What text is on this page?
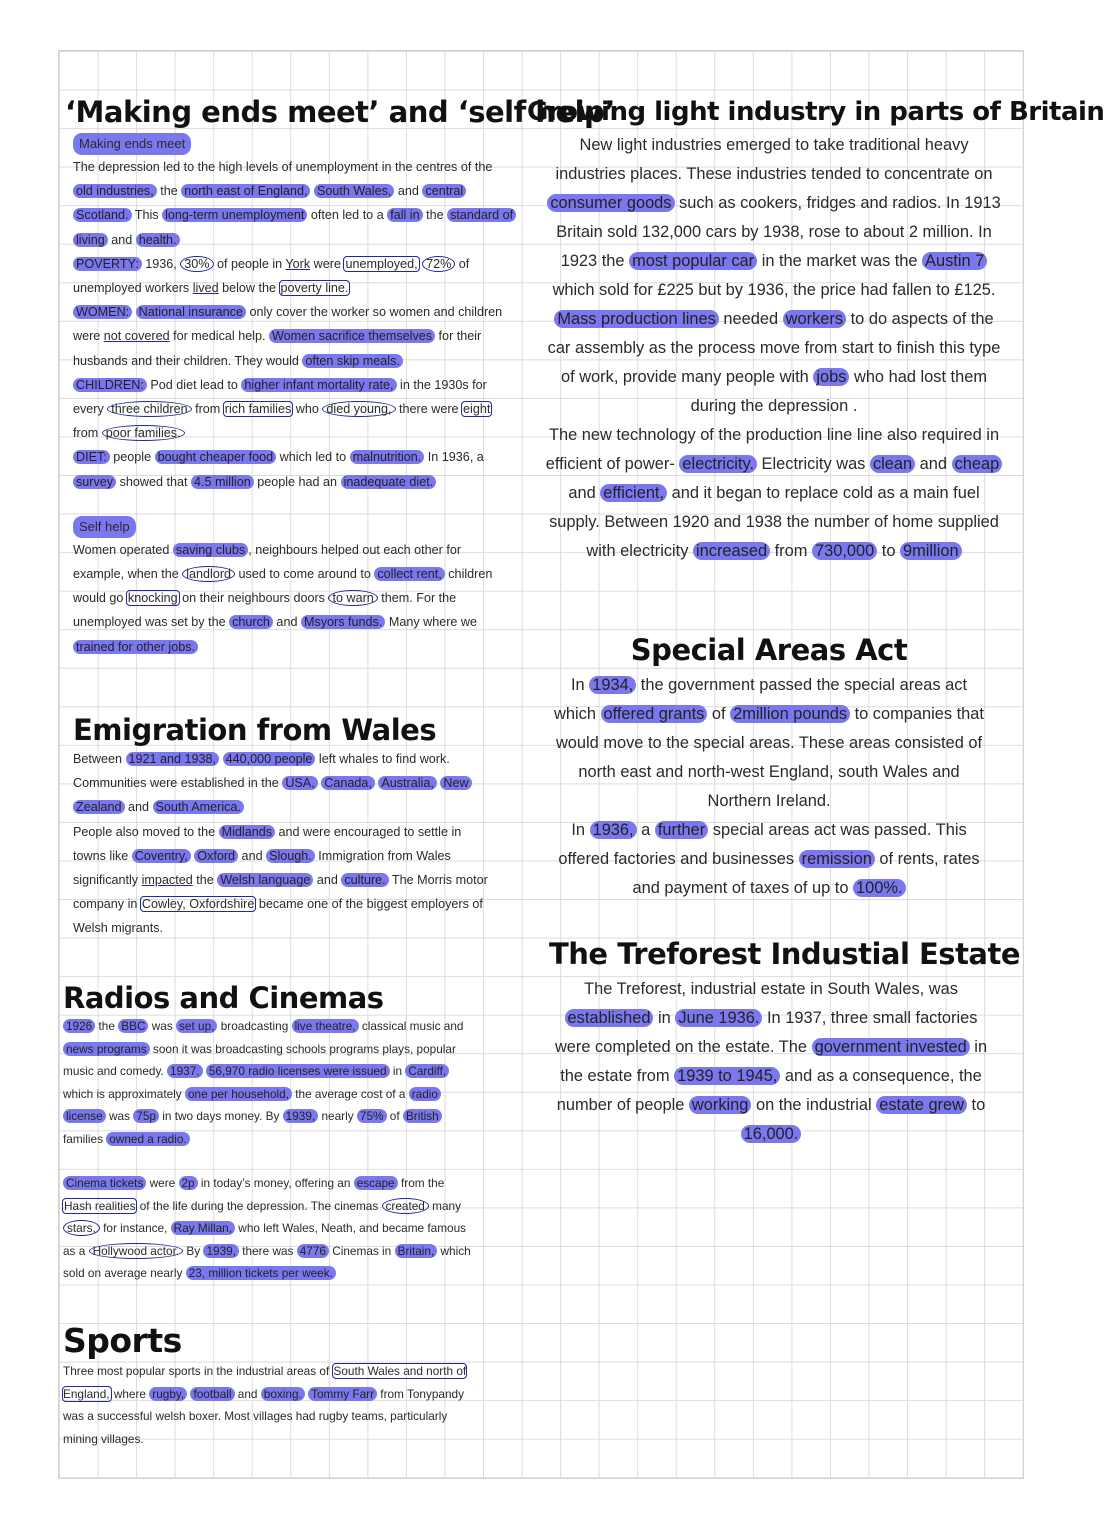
‘Making ends meet’ and ‘self help’
Making ends meet

The depression led to the high levels of unemployment in the centres of the old industries, the north east of England, South Wales, and central Scotland. This long-term unemployment often led to a fall in the standard of living and health.

POVERTY: 1936, 30% of people in York were unemployed, 72% of unemployed workers lived below the poverty line.

WOMEN: National insurance only cover the worker so women and children were not covered for medical help. Women sacrifice themselves for their husbands and their children. They would often skip meals.

CHILDREN: Pod diet lead to higher infant mortality rate, in the 1930s for every three children from rich families who died young, there were eight from poor families.

DIET: people bought cheaper food which led to malnutrition. In 1936, a survey showed that 4.5 million people had an inadequate diet.

Self help

Women operated saving clubs , neighbours helped out each other for example, when the landlord used to come around to collect rent, children would go knocking on their neighbours doors to warn them. For the unemployed was set by the church and Msyors funds. Many where we trained for other jobs.

Emigration from Wales

Between 1921 and 1938, 440,000 people left whales to find work. Communities were established in the USA, Canada, Australia, New Zealand and South America.

People also moved to the Midlands and were encouraged to settle in towns like Coventry, Oxford and Slough. Immigration from Wales significantly impacted the Welsh language and culture. The Morris motor company in Cowley, Oxfordshire became one of the biggest employers of Welsh migrants.

Radios and Cinemas

1926 the BBC was set up, broadcasting live theatre, classical music and news programs soon it was broadcasting schools programs plays, popular music and comedy. 1937, 56,970 radio licenses were issued in Cardiff, which is approximately one per household, the average cost of a radio license was 75p in two days money. By 1939, nearly 75% of British families owned a radio.

Cinema tickets were 2p in today’s money, offering an escape from the Hash realities of the life during the depression. The cinemas created many stars, for instance, Ray Millan, who left Wales, Neath, and became famous as a Hollywood actor. By 1939, there was 4776 Cinemas in Britain, which sold on average nearly 23, million tickets per week.

Sports

Three most popular sports in the industrial areas of South Wales and north of England, where rugby, football and boxing. Tommy Farr from Tonypandy was a successful welsh boxer. Most villages had rugby teams, particularly mining villages.

Growing light industry in parts of Britain

New light industries emerged to take traditional heavy industries places. These industries tended to concentrate on consumer goods such as cookers, fridges and radios. In 1913 Britain sold 132,000 cars by 1938, rose to about 2 million. In 1923 the most popular car in the market was the Austin 7 which sold for £225 but by 1936, the price had fallen to £125.

Mass production lines needed workers to do aspects of the car assembly as the process move from start to finish this type of work, provide many people with jobs who had lost them during the depression .

The new technology of the production line line also required in efficient of power- electricity. Electricity was clean and cheap and efficient, and it began to replace cold as a main fuel supply. Between 1920 and 1938 the number of home supplied with electricity increased from 730,000 to 9million

Special Areas Act

In 1934, the government passed the special areas act which offered grants of 2million pounds to companies that would move to the special areas. These areas consisted of north east and north-west England, south Wales and Northern Ireland.

In 1936, a further special areas act was passed. This offered factories and businesses remission of rents, rates and payment of taxes of up to 100%.

The Treforest Industial Estate

The Treforest, industrial estate in South Wales, was established in June 1936. In 1937, three small factories were completed on the estate. The government invested in the estate from 1939 to 1945, and as a consequence, the number of people working on the industrial estate grew to 16,000.
